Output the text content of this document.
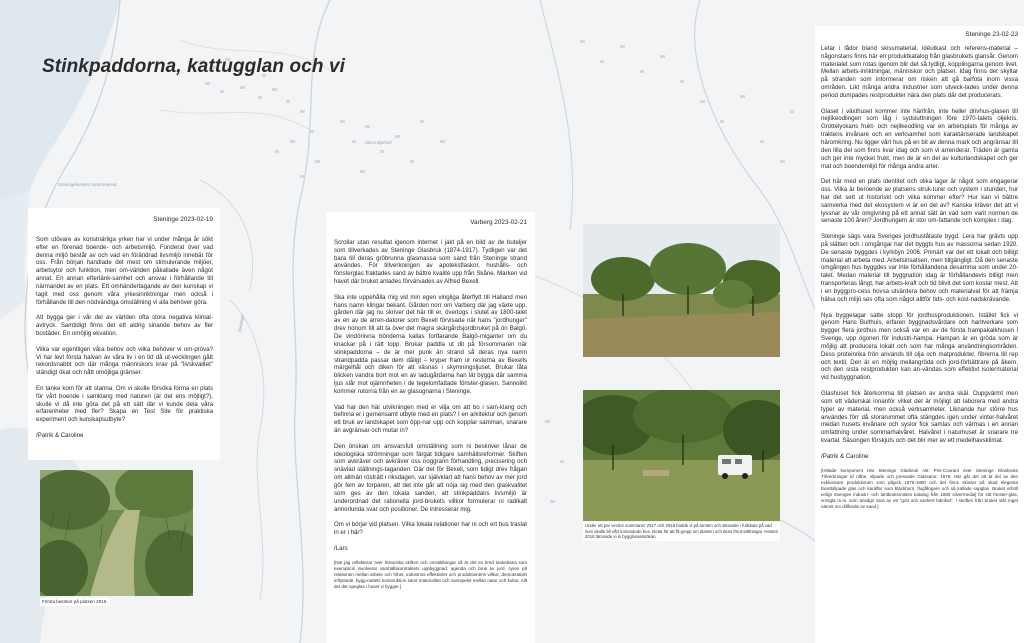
Steningekusten naturreservat
Stora Bjärred
Steninge
Stinkpaddorna, kattugglan och vi
Steninge 2023-02-19

Som utövare av konstnärliga yrken har vi under många år sökt efter en förenad boende- och arbetsmiljö. Funderat över vad denna miljö består av och vad en förändrad livsmiljö innebär för oss. Från början handlade det mest om stimulerande miljöer, arbetsytor och funktion, men om-världen påkallade även något annat. En annan eftertänk-samhet och ansvar i förhållande till närmandet av en plats. Ett omhändertagande av den kunskap vi tagit med oss genom våra yrkesinriktningar men också i förhållande till den nödvändiga omställning vi alla behöver göra.

Att bygga ger i vår del av världen ofta stora negativa klimat-avtryck. Samtidigt finns det ett aldrig sinande behov av fler bostäder. En omöjlig ekvation.

Vilka var egentligen våra behov och vilka behöver vi om-pröva? Vi har levt första halvan av våra liv i en tid då ut-vecklingen gått rekordsnabbt och där många människors krav på "livskvalitet" ständigt ökat och nått omöjliga gränser.

En tanke kom för att stanna. Om vi skulle försöka forma en plats för vårt boende i samklang med naturen (är det ens möjligt?), skulle vi då inte göra det på ett sätt där vi kunde dela våra erfarenheter med fler? Skapa en Test Site för praktiska experiment och kunskapsutbyte?

/Patrik & Caroline

Första besöket på platsen 2016.
Varberg 2023-02-21

Scrollar utan resultat igenom internet i jakt på en bild av de buteljer som tillverkades av Steninge Glasbruk (1874-1917). Tydligen var det bara till deras gröbrunna glasmassa som sand från Steninge strand användes. För tillverkningen av apoteksflaskor, hushålls- och fönsterglas fraktades sand av bättre kvalité upp från Skåne. Marken vid havet där bruket anlades förvärvades av Alfred Bexell.

Ska inte uppehålla mig vid min egen vingliga återflytt till Halland men hans namn klingar bekant. Gården norr om Varberg där jag växte upp, gården där jag nu skriver det här till er, övertogs i slutet av 1800-talet av en av de arren-datorer som Bexell förvisade när hans "jordhunger" drev honom till att ta över det magra skärgårdsjordbruket på ön Balgö. De vindöriivna bönderna kallas fortfarande Balgö-miganter om du knackar på i rätt topp. Brukar paddla ut dit på försommaren när stinkpaddorna – de är mer punk än strand så deras nya namn strandpadda passar dem dåligt – kryper fram ur resterna av Bexells märgelhål och diken för att väsnas i skymningsljuset. Brukar låta blicken vandra bort mot en av ladugårdarna han lät bygga där samma ljus slår mot ojämnheten i de tegelomfattade fönster-glasen. Sannolikt kommer rutorna från en av glasugnarna i Steninge.

Vad har den här utvikningen med er vilja om att bo i sam-klang och befinna er i gemensamt utbyte med en plats? I en arkitektur och genom ett bruk av landskapet som öpp-nar upp och kopplar samman, snarare än avgränsar och mutar in?

Den önskan om ansvarsfull omställning som ni beskriver lånar de ideologiska strömningar som färgat tidigare samhällsreformer. Skiften som avkräver och avkräver oss noggrann förhandling, precisering och snävlad ställnings-taganden. Där det för Bexell, som tidigt drev frågan om allmän rösträtt i riksdagen, var självklart att hans behov av mer jord gör fem av torparen, att det inte går att nöja sig med den glaskvalitet som ges av den lokala sanden, att stinkpaddans livsmiljö är underordnad det rationella jord-brukets villkor formulerar ni radikalt annorlunda svar och positioner. De intresserar mig.

Om vi börjar vid platsen. Vilka lokala relationer har ni och ert hus traslat in er i här?

/Lars

[När jag reflekterar över historiska skiften och omställningar så är det en bred tankebana som exemplicis involverar samhällskontraktets uppbyggnad, agenda och bruk av jord, syren på relationen mellan arbete och frihet, industrins effektivitet och produktionens villkor, demokratiskt inflytande, bygg-nadets konstruktion samt materialitet och samspelet mellan natur och kultur. Allt det där speglas i huset vi bygger.]

Under ett par veckor sommaren 2017 och 2018 bodde vi på tomten och skissade i fullskala på vad som skulle bli vårt kommande hus. Detta för att få grepp om platsen och dess förut-sättningar. Hösten 2018 lämnade vi in bygglovsansökan.
Steninge 23-02-23

Letar i lådor bland skissmaterial, idéutkast och referens-material – någonstans finns här en produktkatalog från glasbrukets glansår. Genom materialet som rotas igenom blir det så tydligt, kopplingarna genom livet. Mellan arbets-inriktningar, människor och platser. Idag finns det skyltar på stranden som informerar om risken att gå barfota inom vissa områden. Likt många andra industrier som utveck-lades under denna period dumpades restprodukter nära den plats där det producerats.

Glaset i växthuset kommer inte härifrån, inte heller drivhus-glasen till nejlikeodlingen som låg i sydsluttningen före 1970-talets oljekris. Grottelyckans frukt- och nejlikeodling var en arbetsplats för många av traktens invånare och en verksamhet som karaktäriserade landskapet häromkring. Nu ligger vårt hus på en bit av denna mark och angränsar till den lilla del som finns kvar idag och som vi arrenderar. Träden är gamla och ger inte mycket frukt, men de är en del av kulturlandskapet och ger mat och boendemiljö för många andra arter.

Det här med en plats identitet och olika lager är något som engagerar oss. Vilka är beroende av platsens struk-turer och system i stunden, hur har det sett ut historiskt och vilka kommer efter? Hur kan vi bättre samverka med det ekosystem vi är en del av? Kanske kräver det att vi lyssnar av vår omgivning på ett annat sätt än vad som varit normen de senaste 100 åren? Jordhungern är stor om-fattande och komplex i dag.

Steninge sägs vara Sveriges jordhuståtaste bygd. Lera har grävts upp på slätten och i omgångar har det byggts hus av massorna sedan 1920. De senaste byggdes i kyrkbyn 2006. Primärt var det ett lokalt och billigt material att arbeta med. Arbetsinsatsen, men tillgängligt. Då den senaste omgången hus byggdes var inte förhållandena desamma som under 20-talet. Medan material till byggnation idag är förhållandevis billigt men transporteras långt, har arbets-kraft och tid blivit det som kostar mest. Att i en byggpro-cess hovsa utvärdera behov och materialval för att främja hälsa och miljö ses ofta som något alltför tids- och kost-nadskrävande.

Nya byggelagar satte stopp för jordhusproduktionen. Istället fick vi genom Hans Bulthuis, erfaren byggnadsvårdare och hantverkare som bygger flera jordhus men också var en av de första hampakalkhusen i Sverige, upp ögonen för industri-hampa. Hampan är en gröda som är möjlig att producera lokalt och som har många användningsområden. Dess proteinrika frön används till olja och matprodukter, fibrerna till rep och textil. Den är en möjlig mellangröda och jord-förbättrare på åkern, och den sista restprodukten kan an-vändas som effektivt isolermaterial vid husbyggnation.

Glashuset fick återkomma till platsen av andra skäl. Oupgvärmt men som ett väderskal innanför vilket det är möjligt att laborera med andra typer av material, men också verksamheter. Liknande hur större hus användes förr då storarummet ofta stängdes igen under vinter-halvåret medan husets invånare och syslor fick samlas och värmas i en annan omfattning under sommarhalvåret. Halvåret i naturhuset är snarare tre kvartal. Säsongen förskjuts och det blir mer av ett medelhavsklimat.

/Patrik & Caroline

[Hittade komponent Här Steninge Glasbruk AB: Pris-Courant över Steninge Glasbruks Tillverkningar af nåbe, slipade och pressade Glassaror, 1876. Här går det att ta del av den exklusivare produktionen som pågick 1876-1880 och det finns skisser på skad elegenta facettslipade glas och karaffer som bläckhorn, flugfångare och så kallade supglas. Bruket erhöll enligt Sveriges industri- och lantbruksmöites katalog från 1880 silvermedalj för sitt fönster-glas, smögla m.m. som ansågs vara av ett "gott och vackert fabrikat". I skriften från bruket står inget nämnt om dillfonde av sand.]
